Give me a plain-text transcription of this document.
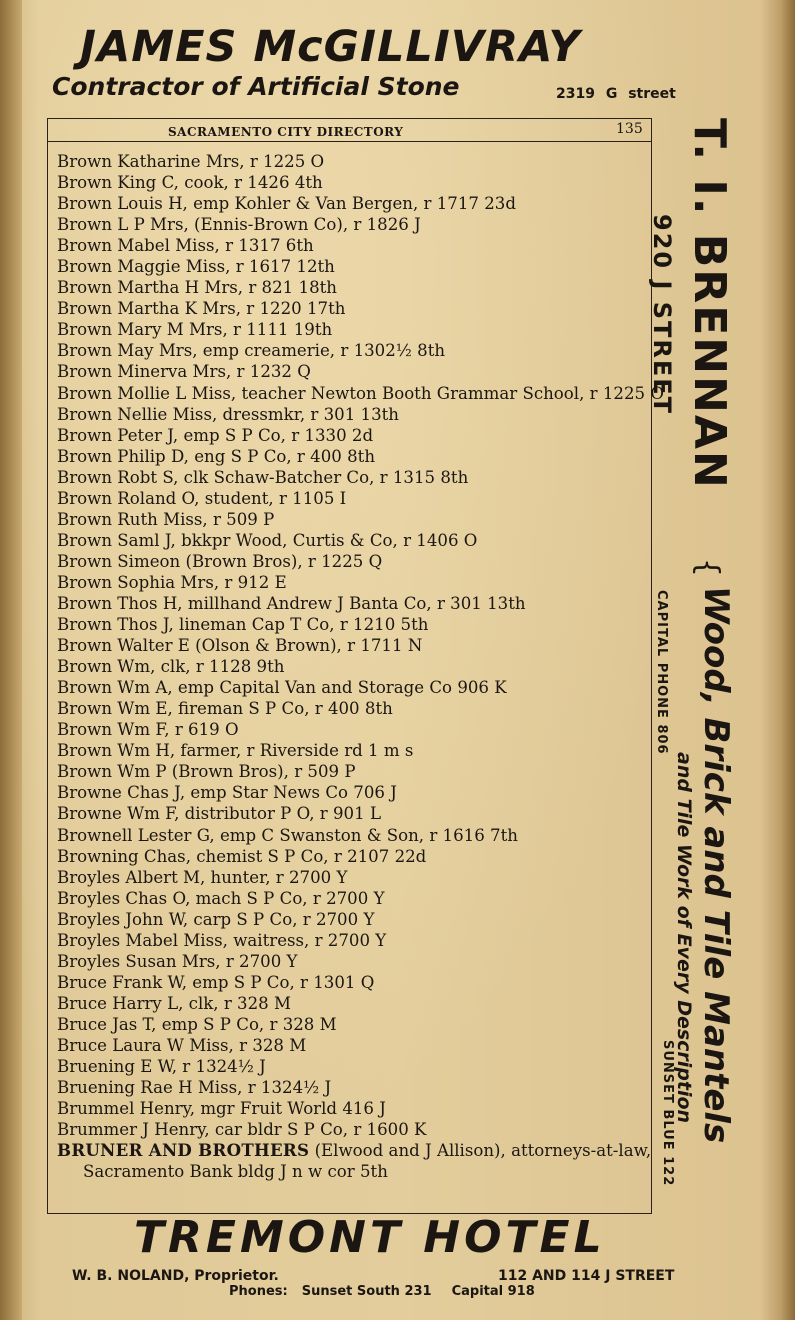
JAMES McGILLIVRAY
Contractor of Artificial Stone	2319 G street
SACRAMENTO CITY DIRECTORY	135
Brown Katharine Mrs, r 1225 O
Brown King C, cook, r 1426 4th
Brown Louis H, emp Kohler & Van Bergen, r 1717 23d
Brown L P Mrs, (Ennis-Brown Co), r 1826 J
Brown Mabel Miss, r 1317 6th
Brown Maggie Miss, r 1617 12th
Brown Martha H Mrs, r 821 18th
Brown Martha K Mrs, r 1220 17th
Brown Mary M Mrs, r 1111 19th
Brown May Mrs, emp creamerie, r 1302½ 8th
Brown Minerva Mrs, r 1232 Q
Brown Mollie L Miss, teacher Newton Booth Grammar School, r 1225 O
Brown Nellie Miss, dressmkr, r 301 13th
Brown Peter J, emp S P Co, r 1330 2d
Brown Philip D, eng S P Co, r 400 8th
Brown Robt S, clk Schaw-Batcher Co, r 1315 8th
Brown Roland O, student, r 1105 I
Brown Ruth Miss, r 509 P
Brown Saml J, bkkpr Wood, Curtis & Co, r 1406 O
Brown Simeon (Brown Bros), r 1225 Q
Brown Sophia Mrs, r 912 E
Brown Thos H, millhand Andrew J Banta Co, r 301 13th
Brown Thos J, lineman Cap T Co, r 1210 5th
Brown Walter E (Olson & Brown), r 1711 N
Brown Wm, clk, r 1128 9th
Brown Wm A, emp Capital Van and Storage Co 906 K
Brown Wm E, fireman S P Co, r 400 8th
Brown Wm F, r 619 O
Brown Wm H, farmer, r Riverside rd 1 m s
Brown Wm P (Brown Bros), r 509 P
Browne Chas J, emp Star News Co 706 J
Browne Wm F, distributor P O, r 901 L
Brownell Lester G, emp C Swanston & Son, r 1616 7th
Browning Chas, chemist S P Co, r 2107 22d
Broyles Albert M, hunter, r 2700 Y
Broyles Chas O, mach S P Co, r 2700 Y
Broyles John W, carp S P Co, r 2700 Y
Broyles Mabel Miss, waitress, r 2700 Y
Broyles Susan Mrs, r 2700 Y
Bruce Frank W, emp S P Co, r 1301 Q
Bruce Harry L, clk, r 328 M
Bruce Jas T, emp S P Co, r 328 M
Bruce Laura W Miss, r 328 M
Bruening E W, r 1324½ J
Bruening Rae H Miss, r 1324½ J
Brummel Henry, mgr Fruit World 416 J
Brummer J Henry, car bldr S P Co, r 1600 K
BRUNER AND BROTHERS (Elwood and J Allison), attorneys-at-law, Sacramento Bank bldg J n w cor 5th
T. I. BRENNAN
920 J STREET
}
CAPITAL PHONE 806 Wood, Brick and Tile Mantels
and Tile Work of Every Description
SUNSET BLUE 122
TREMONT HOTEL
W. B. NOLAND, Proprietor.	112 AND 114 J STREET
Phones: Sunset South 231 Capital 918
